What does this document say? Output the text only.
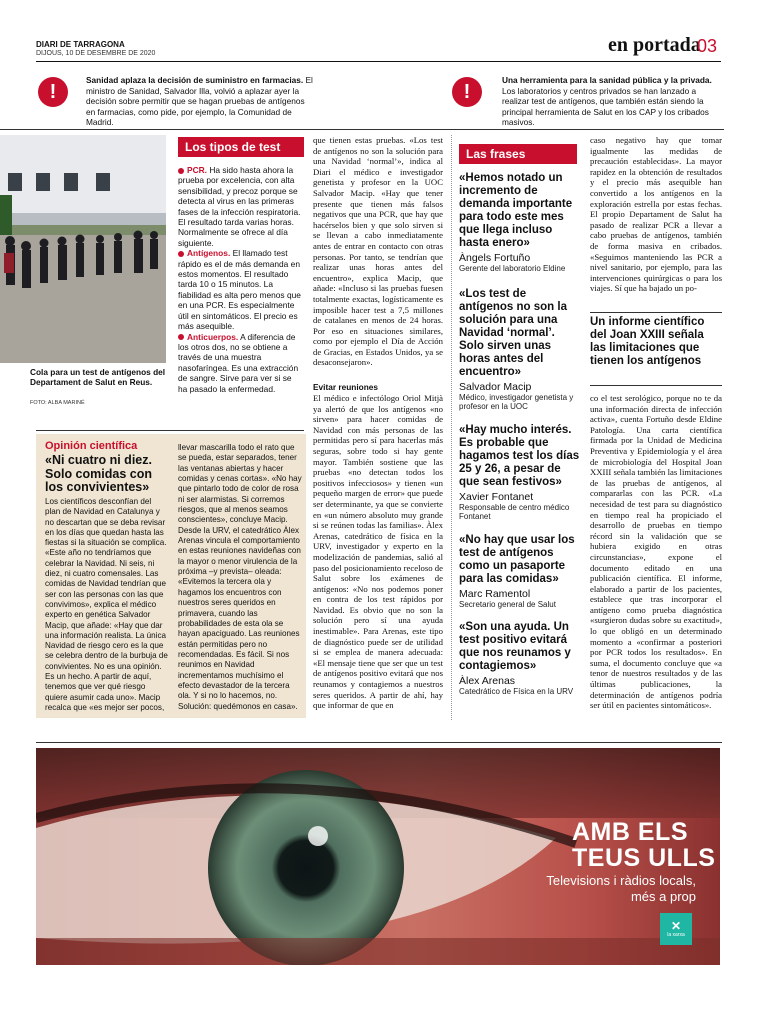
DIARI DE TARRAGONA
DIJOUS, 10 DE DESEMBRE DE 2020	en portada
03
!
Sanidad aplaza la decisión de suministro en farmacias. El ministro de Sanidad, Salvador Illa, volvió a aplazar ayer la decisión sobre permitir que se hagan pruebas de antígenos en farmacias, como pide, por ejemplo, la Comunidad de Madrid.
!
Una herramienta para la sanidad pública y la privada. Los laboratorios y centros privados se han lanzado a realizar test de antígenos, que también están siendo la principal herramienta de Salut en los CAP y los cribados masivos.
Cola para un test de antígenos del Departament de Salut en Reus.
FOTO: ALBA MARINÉ
Los tipos de test
PCR. Ha sido hasta ahora la prueba por excelencia, con alta sensibilidad, y precoz porque se detecta al virus en las primeras fases de la infección respiratoria. El resultado tarda varias horas. Normalmente se ofrece al día siguiente.
Antígenos. El llamado test rápido es el de más demanda en estos momentos. El resultado tarda 10 o 15 minutos. La fiabilidad es alta pero menos que en una PCR. Es especialmente útil en sintomáticos. El precio es más asequible.
Anticuerpos. A diferencia de los otros dos, no se obtiene a través de una muestra nasofaríngea. Es una extracción de sangre. Sirve para ver si se ha pasado la enfermedad.
Opinión científica
«Ni cuatro ni diez. Solo comidas con los convivientes»
Los científicos desconfían del plan de Navidad en Catalunya y no descartan que se deba revisar en los días que quedan hasta las fiestas si la situación se complica. «Este año no tendríamos que celebrar la Navidad. Ni seis, ni diez, ni cuatro comensales. Las comidas de Navidad tendrían que ser con las personas con las que convivimos», explica el médico experto en genética Salvador Macip, que añade: «Hay que dar una información realista. La única Navidad de riesgo cero es la que se celebra dentro de la burbuja de convivientes. No es una opinión. Es un hecho. A partir de aquí, tenemos que ver qué riesgo quiere asumir cada uno». Macip recalca que «es mejor ser pocos,
llevar mascarilla todo el rato que se pueda, estar separados, tener las ventanas abiertas y hacer comidas y cenas cortas». «No hay que pintarlo todo de color de rosa ni ser alarmistas. Si corremos riesgos, que al menos seamos conscientes», concluye Macip. Desde la URV, el catedrático Àlex Arenas vincula el comportamiento en estas reuniones navideñas con la mayor o menor virulencia de la próxima –y prevista– oleada: «Evitemos la tercera ola y hagamos los encuentros con nuestros seres queridos en primavera, cuando las probabilidades de esta ola se hayan apaciguado. Las reuniones están permitidas pero no recomendadas. Es fácil. Si nos reunimos en Navidad incrementamos muchísimo el efecto devastador de la tercera ola. Y si no lo hacemos, no. Solución: quedémonos en casa».
que tienen estas pruebas. «Los test de antígenos no son la solución para una Navidad ‘normal’», indica al Diari el médico e investigador genetista y profesor en la UOC Salvador Macip. «Hay que tener presente que tienen más falsos negativos que una PCR, que hay que hacérselos bien y que solo sirven si se llevan a cabo inmediatamente antes de entrar en contacto con otras personas. Por tanto, se tendrían que realizar unas horas antes del encuentro», explica Macip, que añade: «Incluso si las pruebas fuesen totalmente exactas, logísticamente es imposible hacer test a 7,5 millones de catalanes en menos de 24 horas. Por eso en situaciones similares, como por ejemplo el Día de Acción de Gracias, en Estados Unidos, ya se desaconsejaron».
Evitar reuniones
El médico e infectólogo Oriol Mitjà ya alertó de que los antígenos «no sirven» para hacer comidas de Navidad con más personas de las permitidas pero sí para hacerlas más seguras, sobre todo si hay gente mayor. También sostiene que las pruebas «no detectan todos los positivos infecciosos» y tienen «un pequeño margen de error» que puede ser determinante, ya que se convierte en «un número absoluto muy grande si se reúnen todas las familias». Àlex Arenas, catedrático de física en la URV, investigador y experto en la modelización de pandemias, salió al paso del posicionamiento receloso de Salut sobre los exámenes de antígenos: «No nos podemos poner en contra de los test rápidos por Navidad. Es obvio que no son la solución pero sí una ayuda inestimable». Para Arenas, este tipo de diagnóstico puede ser de utilidad si se emplea de manera adecuada: «El mensaje tiene que ser que un test de antígenos positivo evitará que nos reunamos y contagiemos a nuestros seres queridos. A partir de ahí, hay que informar de que en
Las frases
«Hemos notado un incremento de demanda importante para todo este mes que llega incluso hasta enero»
Àngels Fortuño
Gerente del laboratorio Eldine
«Los test de antígenos no son la solución para una Navidad ‘normal’. Solo sirven unas horas antes del encuentro»
Salvador Macip
Médico, investigador genetista y profesor en la UOC
«Hay mucho interés. Es probable que hagamos test los días 25 y 26, a pesar de que sean festivos»
Xavier Fontanet
Responsable de centro médico Fontanet
«No hay que usar los test de antígenos como un pasaporte para las comidas»
Marc Ramentol
Secretario general de Salut
«Son una ayuda. Un test positivo evitará que nos reunamos y contagiemos»
Àlex Arenas
Catedrático de Física en la URV
caso negativo hay que tomar igualmente las medidas de precaución establecidas». La mayor rapidez en la obtención de resultados y el precio más asequible han convertido a los antígenos en la exploración estrella por estas fechas. El propio Departament de Salut ha pasado de realizar PCR a llevar a cabo pruebas de antígenos, también de forma masiva en cribados. «Seguimos manteniendo las PCR a nivel sanitario, por ejemplo, para las intervenciones quirúrgicas o para los viajes. Sí que ha bajado un po-
Un informe científico del Joan XXIII señala las limitaciones que tienen los antígenos
co el test serológico, porque no te da una información directa de infección activa», cuenta Fortuño desde Eldine Patología. Una carta científica firmada por la Unidad de Medicina Preventiva y Epidemiología y el área de microbiología del Hospital Joan XXIII señala también las limitaciones de las pruebas de antígenos, al compararlas con las PCR. «La necesidad de test para su diagnóstico en tiempo real ha propiciado el desarrollo de pruebas en tiempo récord sin la validación que se hubiera exigido en otras circunstancias», expone el documento editado en una publicación científica. El informe, elaborado a partir de los pacientes, establece que tras incorporar el antígeno como prueba diagnóstica «surgieron dudas sobre su exactitud», lo que obligó en un determinado momento a «confirmar a posteriori por PCR todos los resultados». En suma, el documento concluye que «a tenor de nuestros resultados y de las últimas publicaciones, la determinación de antígenos podría ser útil en pacientes sintomáticos».
AMB ELS
TEUS ULLS
Televisions i ràdios locals,
més a prop
✕
la xarxa
